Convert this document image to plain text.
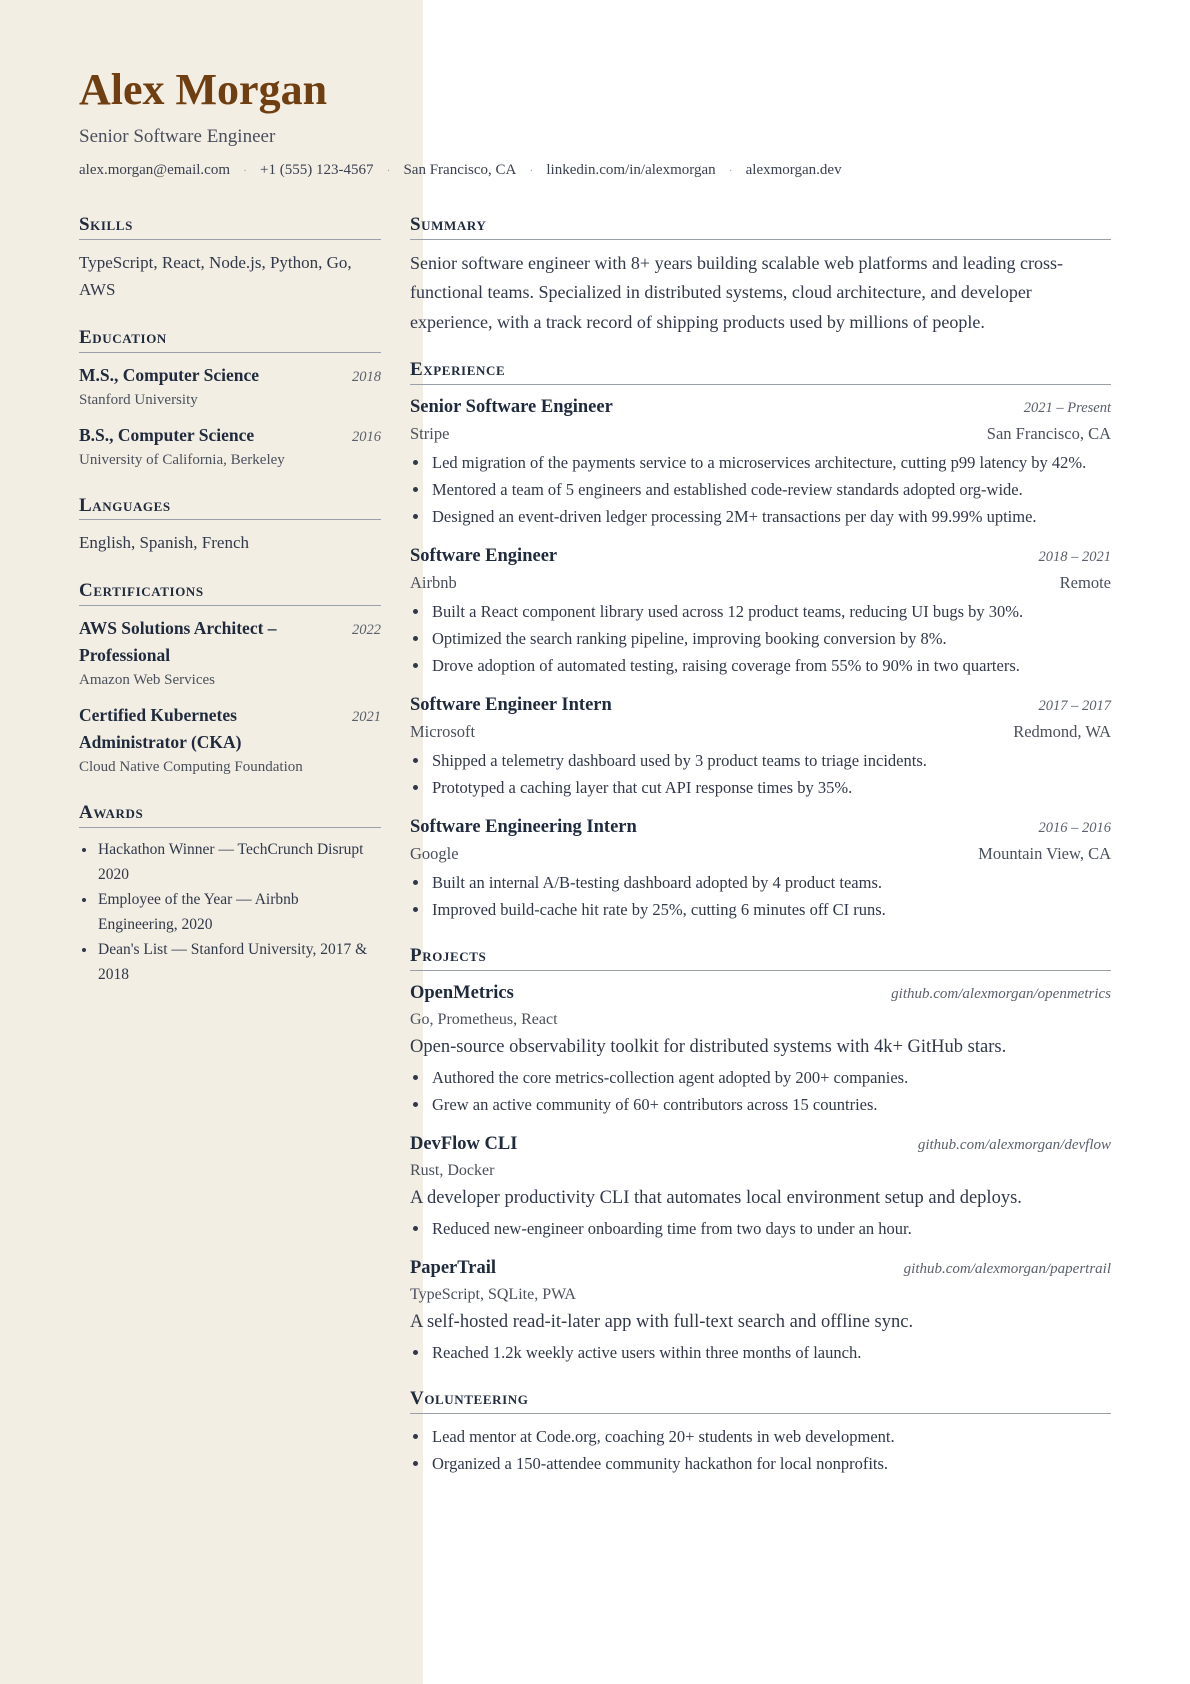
Alex Morgan
Senior Software Engineer
alex.morgan@email.com · +1 (555) 123-4567 · San Francisco, CA · linkedin.com/in/alexmorgan · alexmorgan.dev
Skills
TypeScript, React, Node.js, Python, Go, AWS
Education
M.S., Computer Science	2018
Stanford University
B.S., Computer Science	2016
University of California, Berkeley
Languages
English, Spanish, French
Certifications
AWS Solutions Architect – Professional
2022
Amazon Web Services
Certified Kubernetes Administrator (CKA)
2021
Cloud Native Computing Foundation
Awards
• Hackathon Winner — TechCrunch Disrupt 2020
• Employee of the Year — Airbnb Engineering, 2020
• Dean's List — Stanford University, 2017 & 2018
Summary

Senior software engineer with 8+ years building scalable web platforms and leading cross-functional teams. Specialized in distributed systems, cloud architecture, and developer experience, with a track record of shipping products used by millions of people.

Experience
Senior Software Engineer	2021 – Present
Stripe	San Francisco, CA
• Led migration of the payments service to a microservices architecture, cutting p99 latency by 42%.
• Mentored a team of 5 engineers and established code-review standards adopted org-wide.
• Designed an event-driven ledger processing 2M+ transactions per day with 99.99% uptime.
Software Engineer	2018 – 2021
Airbnb	Remote
• Built a React component library used across 12 product teams, reducing UI bugs by 30%.
• Optimized the search ranking pipeline, improving booking conversion by 8%.
• Drove adoption of automated testing, raising coverage from 55% to 90% in two quarters.
Software Engineer Intern	2017 – 2017
Microsoft	Redmond, WA
• Shipped a telemetry dashboard used by 3 product teams to triage incidents.
• Prototyped a caching layer that cut API response times by 35%.
Software Engineering Intern	2016 – 2016
Google	Mountain View, CA
• Built an internal A/B-testing dashboard adopted by 4 product teams.
• Improved build-cache hit rate by 25%, cutting 6 minutes off CI runs.
Projects
OpenMetrics	github.com/alexmorgan/openmetrics
Go, Prometheus, React
Open-source observability toolkit for distributed systems with 4k+ GitHub stars.
• Authored the core metrics-collection agent adopted by 200+ companies.
• Grew an active community of 60+ contributors across 15 countries.
DevFlow CLI	github.com/alexmorgan/devflow
Rust, Docker
A developer productivity CLI that automates local environment setup and deploys.
• Reduced new-engineer onboarding time from two days to under an hour.
PaperTrail	github.com/alexmorgan/papertrail
TypeScript, SQLite, PWA
A self-hosted read-it-later app with full-text search and offline sync.
• Reached 1.2k weekly active users within three months of launch.
Volunteering
• Lead mentor at Code.org, coaching 20+ students in web development.
• Organized a 150-attendee community hackathon for local nonprofits.
